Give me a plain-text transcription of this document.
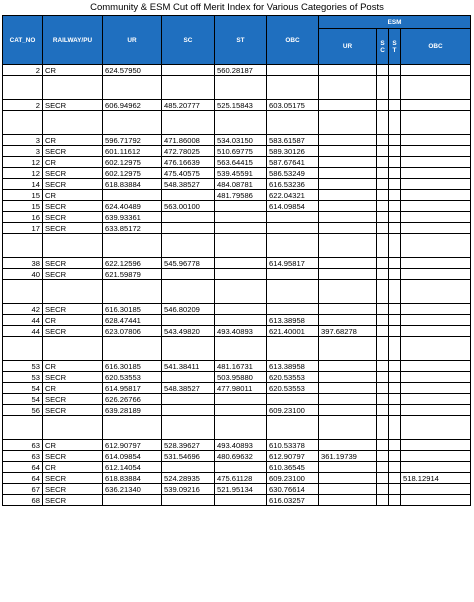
Community & ESM Cut off Merit Index for Various Categories of Posts
CAT_NO	RAILWAY/PU	UR	SC	ST	OBC	ESM			
						UR	S C	S T	OBC
2	CR	624.57950		560.28187					

2	SECR	606.94962	485.20777	525.15843	603.05175				

3	CR	596.71792	471.86008	534.03150	583.61587				
3	SECR	601.11612	472.78025	510.69775	589.30126				
12	CR	602.12975	476.16639	563.64415	587.67641				
12	SECR	602.12975	475.40575	539.45591	586.53249				
14	SECR	618.83884	548.38527	484.08781	616.53236				
15	CR			481.79586	622.04321				
15	SECR	624.40489	563.00100		614.09854				
16	SECR	639.93361							
17	SECR	633.85172							

38	SECR	622.12596	545.96778		614.95817				
40	SECR	621.59879							

42	SECR	616.30185	546.80209						
44	CR	628.47441			613.38958				
44	SECR	623.07806	543.49820	493.40893	621.40001	397.68278			

53	CR	616.30185	541.38411	481.16731	613.38958				
53	SECR	620.53553		503.95880	620.53553				
54	CR	614.95817	548.38527	477.98011	620.53553				
54	SECR	626.26766							
56	SECR	639.28189			609.23100				

63	CR	612.90797	528.39627	493.40893	610.53378				
63	SECR	614.09854	531.54696	480.69632	612.90797	361.19739			
64	CR	612.14054			610.36545				
64	SECR	618.83884	524.28935	475.61128	609.23100				518.12914
67	SECR	636.21340	539.09216	521.95134	630.76614				
68	SECR				616.03257				
